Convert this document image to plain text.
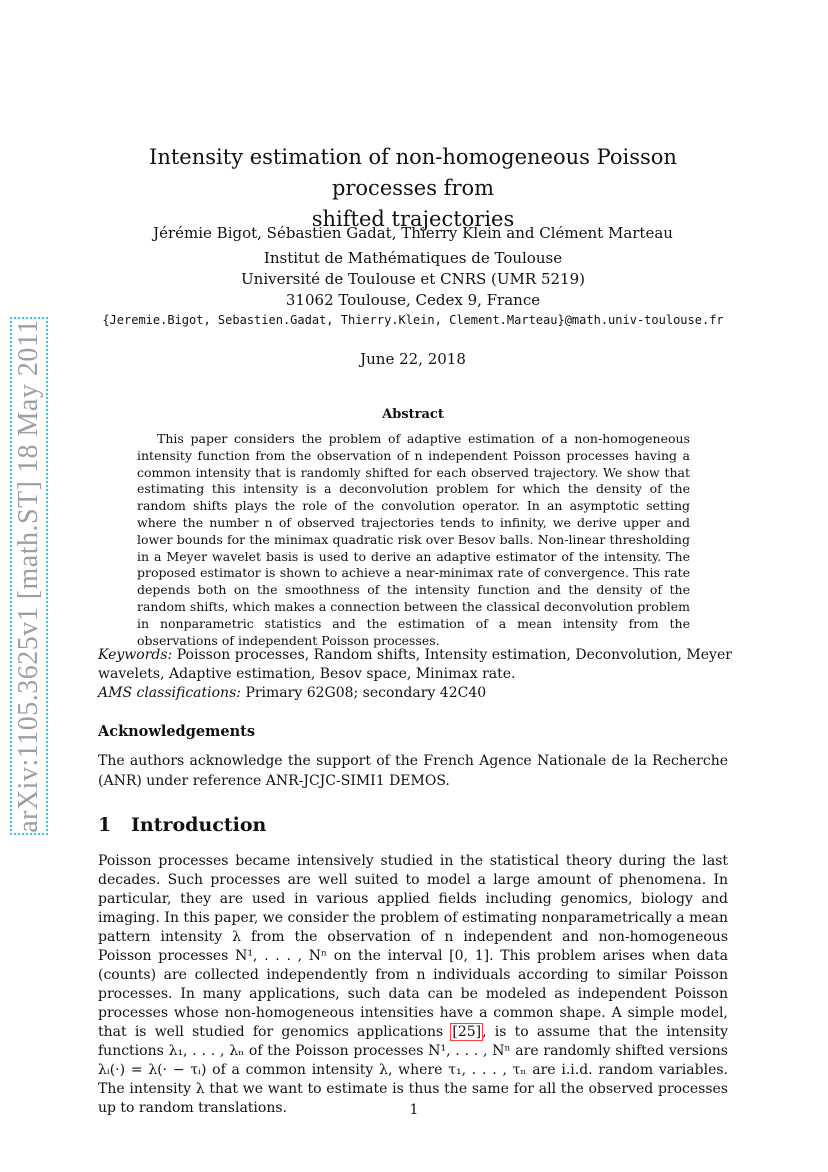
arXiv:1105.3625v1 [math.ST] 18 May 2011
Intensity estimation of non-homogeneous Poisson processes from
shifted trajectories
Jérémie Bigot, Sébastien Gadat, Thierry Klein and Clément Marteau
Institut de Mathématiques de Toulouse
Université de Toulouse et CNRS (UMR 5219)
31062 Toulouse, Cedex 9, France
{Jeremie.Bigot, Sebastien.Gadat, Thierry.Klein, Clement.Marteau}@math.univ-toulouse.fr
June 22, 2018
Abstract

This paper considers the problem of adaptive estimation of a non-homogeneous intensity function from the observation of n independent Poisson processes having a common intensity that is randomly shifted for each observed trajectory. We show that estimating this intensity is a deconvolution problem for which the density of the random shifts plays the role of the convolution operator. In an asymptotic setting where the number n of observed trajectories tends to infinity, we derive upper and lower bounds for the minimax quadratic risk over Besov balls. Non-linear thresholding in a Meyer wavelet basis is used to derive an adaptive estimator of the intensity. The proposed estimator is shown to achieve a near-minimax rate of convergence. This rate depends both on the smoothness of the intensity function and the density of the random shifts, which makes a connection between the classical deconvolution problem in nonparametric statistics and the estimation of a mean intensity from the observations of independent Poisson processes.

Keywords: Poisson processes, Random shifts, Intensity estimation, Deconvolution, Meyer wavelets, Adaptive estimation, Besov space, Minimax rate.
AMS classifications: Primary 62G08; secondary 42C40

Acknowledgements

The authors acknowledge the support of the French Agence Nationale de la Recherche (ANR) under reference ANR-JCJC-SIMI1 DEMOS.

1 Introduction

Poisson processes became intensively studied in the statistical theory during the last decades. Such processes are well suited to model a large amount of phenomena. In particular, they are used in various applied fields including genomics, biology and imaging. In this paper, we consider the problem of estimating nonparametrically a mean pattern intensity λ from the observation of n independent and non-homogeneous Poisson processes N¹, . . . , Nⁿ on the interval [0, 1]. This problem arises when data (counts) are collected independently from n individuals according to similar Poisson processes. In many applications, such data can be modeled as independent Poisson processes whose non-homogeneous intensities have a common shape. A simple model, that is well studied for genomics applications [25], is to assume that the intensity functions λ₁, . . . , λₙ of the Poisson processes N¹, . . . , Nⁿ are randomly shifted versions λᵢ(·) = λ(· − τᵢ) of a common intensity λ, where τ₁, . . . , τₙ are i.i.d. random variables. The intensity λ that we want to estimate is thus the same for all the observed processes up to random translations.	1
